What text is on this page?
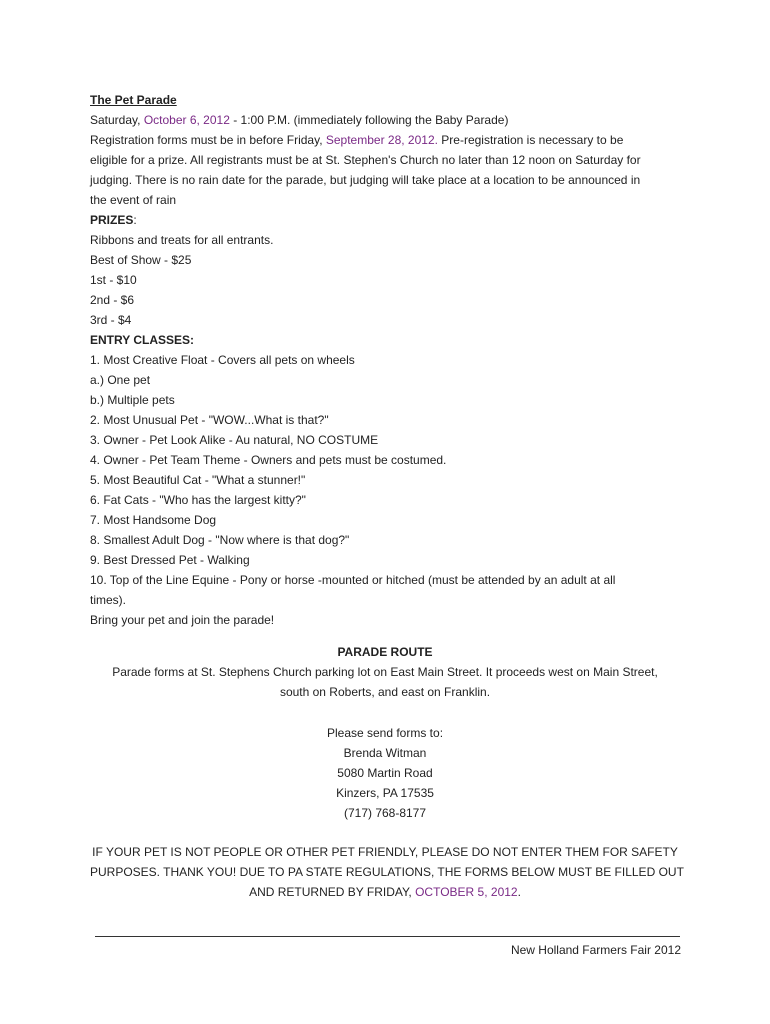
The Pet Parade
Saturday, October 6, 2012 - 1:00 P.M. (immediately following the Baby Parade)
Registration forms must be in before Friday, September 28, 2012. Pre-registration is necessary to be
eligible for a prize. All registrants must be at St. Stephen's Church no later than 12 noon on Saturday for
judging. There is no rain date for the parade, but judging will take place at a location to be announced in
the event of rain
PRIZES:
Ribbons and treats for all entrants.
Best of Show - $25
1st - $10
2nd - $6
3rd - $4
ENTRY CLASSES:
1. Most Creative Float - Covers all pets on wheels
a.) One pet
b.) Multiple pets
2. Most Unusual Pet - "WOW...What is that?"
3. Owner - Pet Look Alike - Au natural, NO COSTUME
4. Owner - Pet Team Theme - Owners and pets must be costumed.
5. Most Beautiful Cat - "What a stunner!"
6. Fat Cats - "Who has the largest kitty?"
7. Most Handsome Dog
8. Smallest Adult Dog - "Now where is that dog?"
9. Best Dressed Pet - Walking
10. Top of the Line Equine - Pony or horse -mounted or hitched (must be attended by an adult at all
times).
Bring your pet and join the parade!
PARADE ROUTE
Parade forms at St. Stephens Church parking lot on East Main Street. It proceeds west on Main Street,
south on Roberts, and east on Franklin.
Please send forms to:
Brenda Witman
5080 Martin Road
Kinzers, PA 17535
(717) 768-8177
IF YOUR PET IS NOT PEOPLE OR OTHER PET FRIENDLY, PLEASE DO NOT ENTER THEM FOR SAFETY
PURPOSES. THANK YOU! DUE TO PA STATE REGULATIONS, THE FORMS BELOW MUST BE FILLED OUT
AND RETURNED BY FRIDAY, OCTOBER 5, 2012.
New Holland Farmers Fair 2012
